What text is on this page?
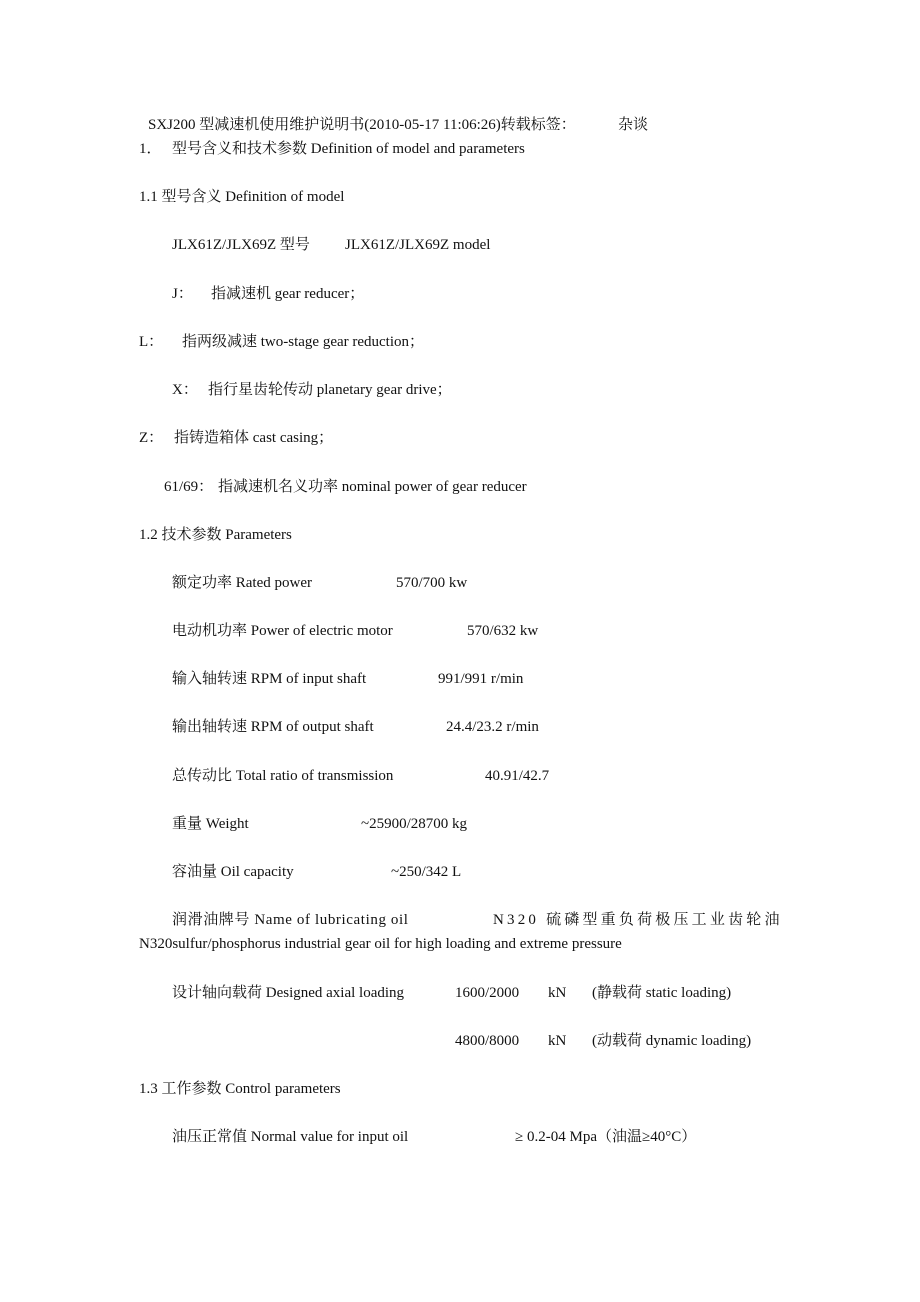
SXJ200 型减速机使用维护说明书(2010-05-17 11:06:26)转载标签：	杂谈
1． 型号含义和技术参数 Definition of model and parameters
1.1 型号含义 Definition of model
JLX61Z/JLX69Z 型号 JLX61Z/JLX69Z model
J： 指减速机 gear reducer；
L： 指两级减速 two-stage gear reduction；
X： 指行星齿轮传动 planetary gear drive；
Z： 指铸造箱体 cast casing；
61/69： 指减速机名义功率 nominal power of gear reducer
1.2 技术参数 Parameters
额定功率 Rated power	570/700 kw
电动机功率 Power of electric motor	570/632 kw
输入轴转速 RPM of input shaft	991/991 r/min
输出轴转速 RPM of output shaft	24.4/23.2 r/min
总传动比 Total ratio of transmission	40.91/42.7
重量 Weight	~25900/28700 kg
容油量 Oil capacity	~250/342 L
润滑油牌号 Name of lubricating oil	N320 硫磷型重负荷极压工业齿轮油
N320sulfur/phosphorus industrial gear oil for high loading and extreme pressure
设计轴向载荷 Designed axial loading	1600/2000 kN (静载荷 static loading)
4800/8000 kN (动载荷 dynamic loading)
1.3 工作参数 Control parameters
油压正常值 Normal value for input oil	≥ 0.2-04 Mpa（油温≥40°C）
